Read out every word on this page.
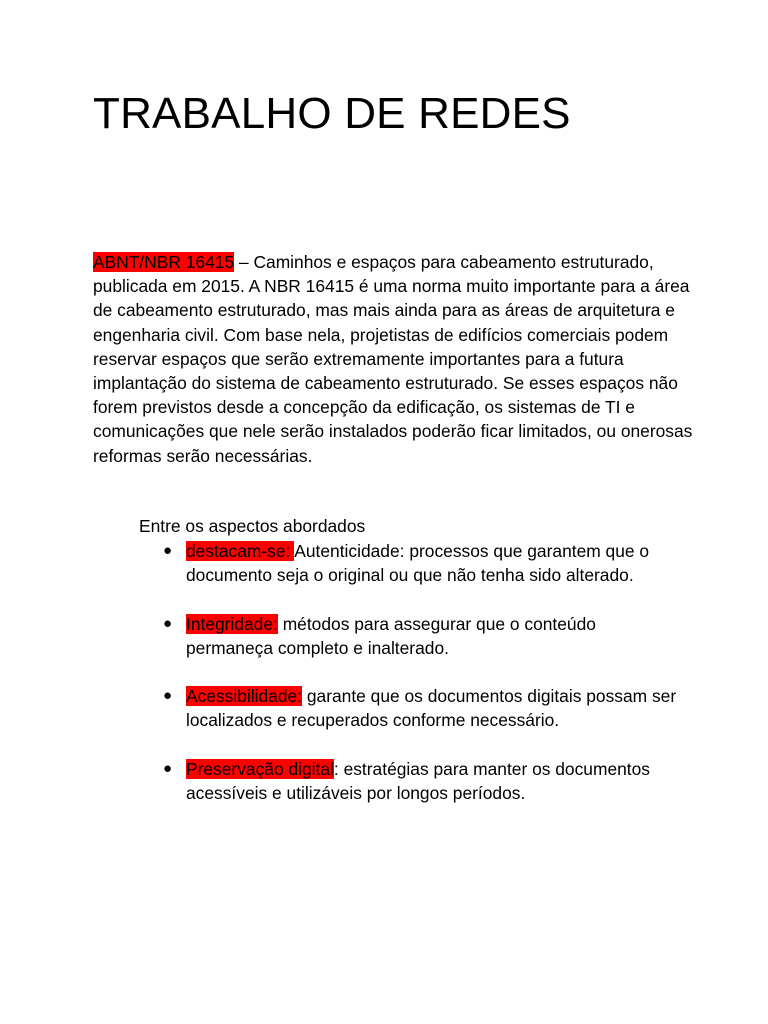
TRABALHO DE REDES

ABNT/NBR 16415 – Caminhos e espaços para cabeamento estruturado, publicada em 2015. A NBR 16415 é uma norma muito importante para a área de cabeamento estruturado, mas mais ainda para as áreas de arquitetura e engenharia civil. Com base nela, projetistas de edifícios comerciais podem reservar espaços que serão extremamente importantes para a futura implantação do sistema de cabeamento estruturado. Se esses espaços não forem previstos desde a concepção da edificação, os sistemas de TI e comunicações que nele serão instalados poderão ficar limitados, ou onerosas reformas serão necessárias.

Entre os aspectos abordados

● destacam-se: Autenticidade: processos que garantem que o documento seja o original ou que não tenha sido alterado.
● Integridade: métodos para assegurar que o conteúdo permaneça completo e inalterado.
● Acessibilidade: garante que os documentos digitais possam ser localizados e recuperados conforme necessário.
● Preservação digital: estratégias para manter os documentos acessíveis e utilizáveis por longos períodos.
